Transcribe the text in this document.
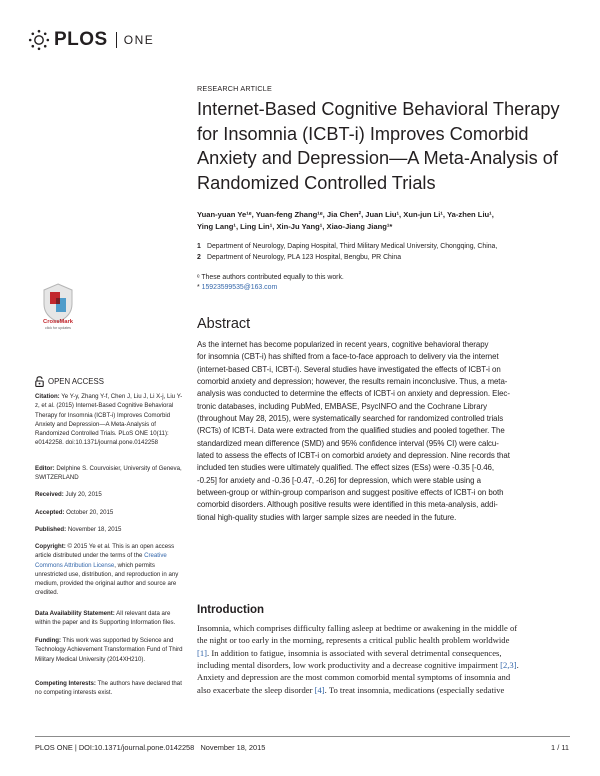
PLOS ONE
RESEARCH ARTICLE
Internet-Based Cognitive Behavioral Therapy for Insomnia (ICBT-i) Improves Comorbid Anxiety and Depression—A Meta-Analysis of Randomized Controlled Trials
Yuan-yuan Ye¹ᵉ, Yuan-feng Zhang¹ᵉ, Jia Chen², Juan Liu¹, Xun-jun Li¹, Ya-zhen Liu¹,
Ying Lang¹, Ling Lin¹, Xin-Ju Yang¹, Xiao-Jiang Jiang¹*
1 Department of Neurology, Daping Hospital, Third Military Medical University, Chongqing, China,
2 Department of Neurology, PLA 123 Hospital, Bengbu, PR China
ᵉ These authors contributed equally to this work.
* 15923599535@163.com
Abstract
As the internet has become popularized in recent years, cognitive behavioral therapy
for insomnia (CBT-i) has shifted from a face-to-face approach to delivery via the internet
(internet-based CBT-i, ICBT-i). Several studies have investigated the effects of ICBT-i on
comorbid anxiety and depression; however, the results remain inconclusive. Thus, a meta-
analysis was conducted to determine the effects of ICBT-i on anxiety and depression. Elec-
tronic databases, including PubMed, EMBASE, PsycINFO and the Cochrane Library
(throughout May 28, 2015), were systematically searched for randomized controlled trials
(RCTs) of ICBT-i. Data were extracted from the qualified studies and pooled together. The
standardized mean difference (SMD) and 95% confidence interval (95% CI) were calcu-
lated to assess the effects of ICBT-i on comorbid anxiety and depression. Nine records that
included ten studies were ultimately qualified. The effect sizes (ESs) were -0.35 [-0.46,
-0.25] for anxiety and -0.36 [-0.47, -0.26] for depression, which were stable using a
between-group or within-group comparison and suggest positive effects of ICBT-i on both
comorbid disorders. Although positive results were identified in this meta-analysis, addi-
tional high-quality studies with larger sample sizes are needed in the future.
Introduction
Insomnia, which comprises difficulty falling asleep at bedtime or awakening in the middle of
the night or too early in the morning, represents a critical public health problem worldwide
[1]. In addition to fatigue, insomnia is associated with several detrimental consequences,
including mental disorders, low work productivity and a decrease cognitive impairment [2,3].
Anxiety and depression are the most common comorbid mental symptoms of insomnia and
also exacerbate the sleep disorder [4]. To treat insomnia, medications (especially sedative
CrossMark
click for updates
OPEN ACCESS
Citation: Ye Y-y, Zhang Y-f, Chen J, Liu J, Li X-j, Liu Y-z, et al. (2015) Internet-Based Cognitive Behavioral Therapy for Insomnia (ICBT-i) Improves Comorbid Anxiety and Depression—A Meta-Analysis of Randomized Controlled Trials. PLoS ONE 10(11): e0142258. doi:10.1371/journal.pone.0142258
Editor: Delphine S. Courvoisier, University of Geneva, SWITZERLAND
Received: July 20, 2015
Accepted: October 20, 2015
Published: November 18, 2015
Copyright: © 2015 Ye et al. This is an open access article distributed under the terms of the Creative Commons Attribution License, which permits unrestricted use, distribution, and reproduction in any medium, provided the original author and source are credited.
Data Availability Statement: All relevant data are within the paper and its Supporting Information files.
Funding: This work was supported by Science and Technology Achievement Transformation Fund of Third Military Medical University (2014XH210).
Competing Interests: The authors have declared that no competing interests exist.
PLOS ONE | DOI:10.1371/journal.pone.0142258   November 18, 2015	1 / 11
